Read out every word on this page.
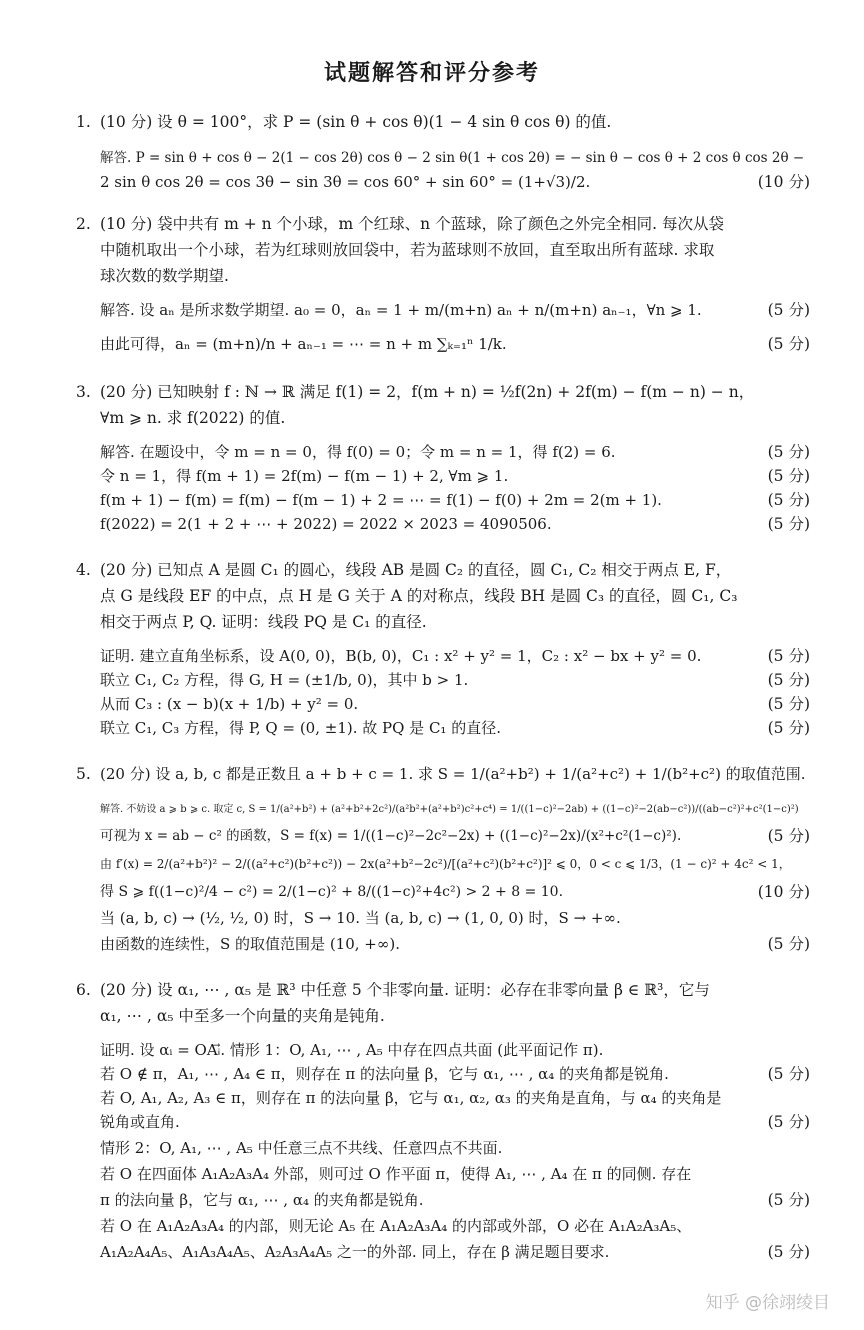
试题解答和评分参考
1. (10 分) 设 θ = 100°，求 P = (sin θ + cos θ)(1 − 4 sin θ cos θ) 的值.
解答. P = sin θ + cos θ − 2(1 − cos 2θ) cos θ − 2 sin θ(1 + cos 2θ) = − sin θ − cos θ + 2 cos θ cos 2θ −
2 sin θ cos 2θ = cos 3θ − sin 3θ = cos 60° + sin 60° = (1+√3)/2.	(10 分)
2. (10 分) 袋中共有 m + n 个小球，m 个红球、n 个蓝球，除了颜色之外完全相同. 每次从袋
中随机取出一个小球，若为红球则放回袋中，若为蓝球则不放回，直至取出所有蓝球. 求取
球次数的数学期望.
解答. 设 aₙ 是所求数学期望. a₀ = 0，aₙ = 1 + m/(m+n) aₙ + n/(m+n) aₙ₋₁，∀n ⩾ 1.	(5 分)
由此可得，aₙ = (m+n)/n + aₙ₋₁ = ⋯ = n + m ∑ₖ₌₁ⁿ 1/k.	(5 分)
3. (20 分) 已知映射 f : ℕ → ℝ 满足 f(1) = 2，f(m + n) = ½f(2n) + 2f(m) − f(m − n) − n，
∀m ⩾ n. 求 f(2022) 的值.
解答. 在题设中，令 m = n = 0，得 f(0) = 0；令 m = n = 1，得 f(2) = 6.	(5 分)
令 n = 1，得 f(m + 1) = 2f(m) − f(m − 1) + 2, ∀m ⩾ 1.	(5 分)
f(m + 1) − f(m) = f(m) − f(m − 1) + 2 = ⋯ = f(1) − f(0) + 2m = 2(m + 1).	(5 分)
f(2022) = 2(1 + 2 + ⋯ + 2022) = 2022 × 2023 = 4090506.	(5 分)
4. (20 分) 已知点 A 是圆 C₁ 的圆心，线段 AB 是圆 C₂ 的直径，圆 C₁, C₂ 相交于两点 E, F，
点 G 是线段 EF 的中点，点 H 是 G 关于 A 的对称点，线段 BH 是圆 C₃ 的直径，圆 C₁, C₃
相交于两点 P, Q. 证明：线段 PQ 是 C₁ 的直径.
证明. 建立直角坐标系，设 A(0, 0)，B(b, 0)，C₁ : x² + y² = 1，C₂ : x² − bx + y² = 0.	(5 分)
联立 C₁, C₂ 方程，得 G, H = (±1/b, 0)，其中 b > 1.	(5 分)
从而 C₃ : (x − b)(x + 1/b) + y² = 0.	(5 分)
联立 C₁, C₃ 方程，得 P, Q = (0, ±1). 故 PQ 是 C₁ 的直径.	(5 分)
5. (20 分) 设 a, b, c 都是正数且 a + b + c = 1. 求 S = 1/(a²+b²) + 1/(a²+c²) + 1/(b²+c²) 的取值范围.
解答. 不妨设 a ⩾ b ⩾ c. 取定 c, S = 1/(a²+b²) + (a²+b²+2c²)/(a²b²+(a²+b²)c²+c⁴) = 1/((1−c)²−2ab) + ((1−c)²−2(ab−c²))/((ab−c²)²+c²(1−c)²)
可视为 x = ab − c² 的函数，S = f(x) = 1/((1−c)²−2c²−2x) + ((1−c)²−2x)/(x²+c²(1−c)²).	(5 分)
由 f′(x) = 2/(a²+b²)² − 2/((a²+c²)(b²+c²)) − 2x(a²+b²−2c²)/[(a²+c²)(b²+c²)]² ⩽ 0，0 < c ⩽ 1/3，(1 − c)² + 4c² < 1，
得 S ⩾ f((1−c)²/4 − c²) = 2/(1−c)² + 8/((1−c)²+4c²) > 2 + 8 = 10.	(10 分)
当 (a, b, c) → (½, ½, 0) 时，S → 10. 当 (a, b, c) → (1, 0, 0) 时，S → +∞.
由函数的连续性，S 的取值范围是 (10, +∞).	(5 分)
6. (20 分) 设 α₁, ⋯ , α₅ 是 ℝ³ 中任意 5 个非零向量. 证明：必存在非零向量 β ∈ ℝ³，它与
α₁, ⋯ , α₅ 中至多一个向量的夹角是钝角.
证明. 设 αᵢ = OAᵢ⃗. 情形 1：O, A₁, ⋯ , A₅ 中存在四点共面 (此平面记作 π).
若 O ∉ π，A₁, ⋯ , A₄ ∈ π，则存在 π 的法向量 β，它与 α₁, ⋯ , α₄ 的夹角都是锐角.	(5 分)
若 O, A₁, A₂, A₃ ∈ π，则存在 π 的法向量 β，它与 α₁, α₂, α₃ 的夹角是直角，与 α₄ 的夹角是
锐角或直角.	(5 分)
情形 2：O, A₁, ⋯ , A₅ 中任意三点不共线、任意四点不共面.
若 O 在四面体 A₁A₂A₃A₄ 外部，则可过 O 作平面 π，使得 A₁, ⋯ , A₄ 在 π 的同侧. 存在
π 的法向量 β，它与 α₁, ⋯ , α₄ 的夹角都是锐角.	(5 分)
若 O 在 A₁A₂A₃A₄ 的内部，则无论 A₅ 在 A₁A₂A₃A₄ 的内部或外部，O 必在 A₁A₂A₃A₅、
A₁A₂A₄A₅、A₁A₃A₄A₅、A₂A₃A₄A₅ 之一的外部. 同上，存在 β 满足题目要求.	(5 分)
知乎 @徐翊绫目
